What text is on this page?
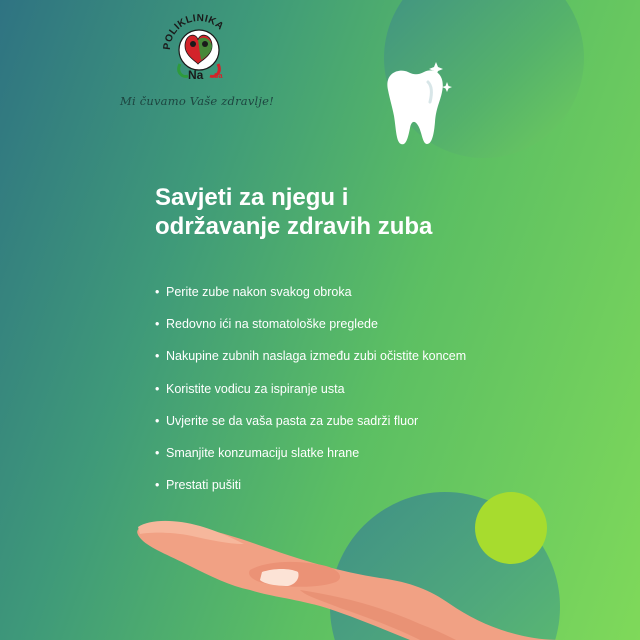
POLIKLINIKA
Na Sa
Mi čuvamo Vaše zdravlje!
Savjeti za njegu i održavanje zdravih zuba
• Perite zube nakon svakog obroka
• Redovno ići na stomatološke preglede
• Nakupine zubnih naslaga između zubi očistite koncem
• Koristite vodicu za ispiranje usta
• Uvjerite se da vaša pasta za zube sadrži fluor
• Smanjite konzumaciju slatke hrane
• Prestati pušiti
